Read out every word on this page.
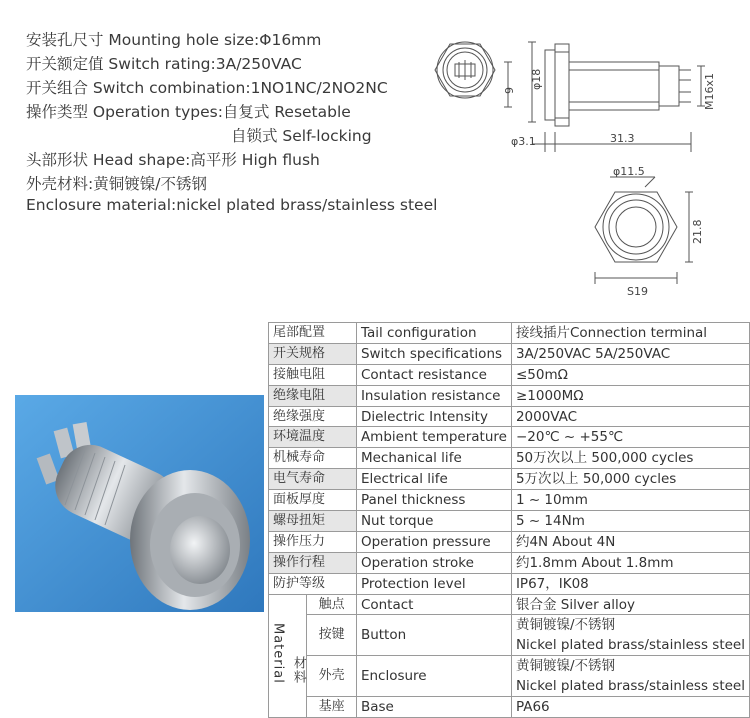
安装孔尺寸 Mounting hole size:Φ16mm
开关额定值 Switch rating:3A/250VAC
开关组合 Switch combination:1NO1NC/2NO2NC
操作类型 Operation types:自复式 Resetable
自锁式 Self-locking
头部形状 Head shape:高平形 High flush
外壳材料:黄铜镀镍/不锈钢
Enclosure material:nickel plated brass/stainless steel
9
φ18	M16x1
φ3.1	31.3
φ11.5
21.8
S19
尾部配置		Tail configuration	接线插片Connection terminal
开关规格		Switch specifications	3A/250VAC 5A/250VAC
接触电阻		Contact resistance	≤50mΩ
绝缘电阻		Insulation resistance	≥1000MΩ
绝缘强度		Dielectric Intensity	2000VAC
环境温度		Ambient temperature	−20℃ ~ +55℃
机械寿命		Mechanical life	50万次以上 500,000 cycles
电气寿命		Electrical life	5万次以上 50,000 cycles
面板厚度		Panel thickness	1 ~ 10mm
螺母扭矩		Nut torque	5 ~ 14Nm
操作压力		Operation pressure	约4N About 4N
操作行程		Operation stroke	约1.8mm About 1.8mm
防护等级		Protection level	IP67，IK08
Material 材料	触点	Contact	银合金 Silver alloy
	按键	Button	黄铜镀镍/不锈钢
			Nickel plated brass/stainless steel
	外壳	Enclosure	黄铜镀镍/不锈钢
			Nickel plated brass/stainless steel
	基座	Base	PA66
